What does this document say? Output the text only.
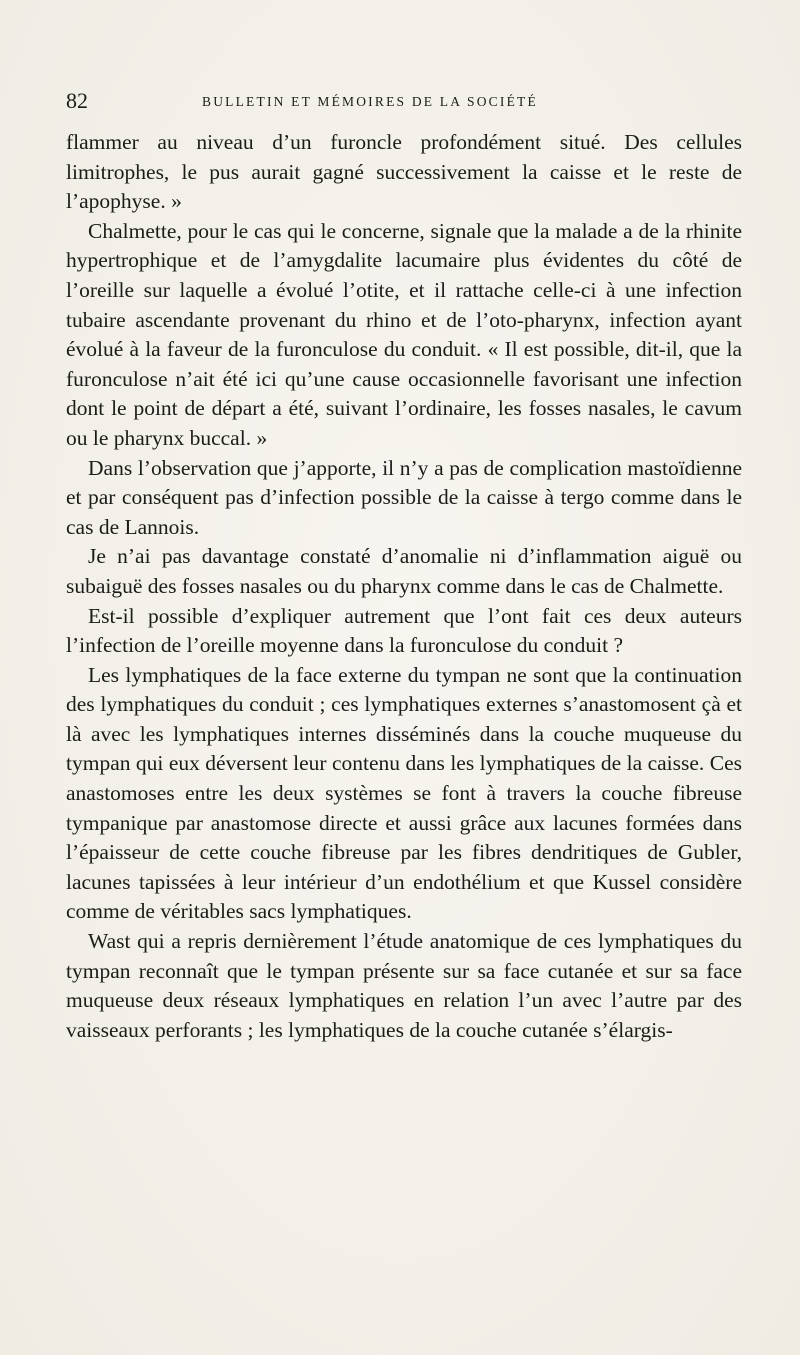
82	BULLETIN ET MÉMOIRES DE LA SOCIÉTÉ

flammer au niveau d’un furoncle profondément situé. Des cellules limitrophes, le pus aurait gagné successivement la caisse et le reste de l’apophyse. »

Chalmette, pour le cas qui le concerne, signale que la malade a de la rhinite hypertrophique et de l’amygdalite lacumaire plus évidentes du côté de l’oreille sur laquelle a évolué l’otite, et il rattache celle-ci à une infection tubaire ascendante provenant du rhino et de l’oto-pharynx, infection ayant évolué à la faveur de la furonculose du conduit. « Il est possible, dit-il, que la furonculose n’ait été ici qu’une cause occasionnelle favorisant une infection dont le point de départ a été, suivant l’ordinaire, les fosses nasales, le cavum ou le pharynx buccal. »

Dans l’observation que j’apporte, il n’y a pas de complication mastoïdienne et par conséquent pas d’infection possible de la caisse à tergo comme dans le cas de Lannois.

Je n’ai pas davantage constaté d’anomalie ni d’inflammation aiguë ou subaiguë des fosses nasales ou du pharynx comme dans le cas de Chalmette.

Est-il possible d’expliquer autrement que l’ont fait ces deux auteurs l’infection de l’oreille moyenne dans la furonculose du conduit ?

Les lymphatiques de la face externe du tympan ne sont que la continuation des lymphatiques du conduit ; ces lymphatiques externes s’anastomosent çà et là avec les lymphatiques internes disséminés dans la couche muqueuse du tympan qui eux déversent leur contenu dans les lymphatiques de la caisse. Ces anastomoses entre les deux systèmes se font à travers la couche fibreuse tympanique par anastomose directe et aussi grâce aux lacunes formées dans l’épaisseur de cette couche fibreuse par les fibres dendritiques de Gubler, lacunes tapissées à leur intérieur d’un endothélium et que Kussel considère comme de véritables sacs lymphatiques.

Wast qui a repris dernièrement l’étude anatomique de ces lymphatiques du tympan reconnaît que le tympan présente sur sa face cutanée et sur sa face muqueuse deux réseaux lymphatiques en relation l’un avec l’autre par des vaisseaux perforants ; les lymphatiques de la couche cutanée s’élargis-
